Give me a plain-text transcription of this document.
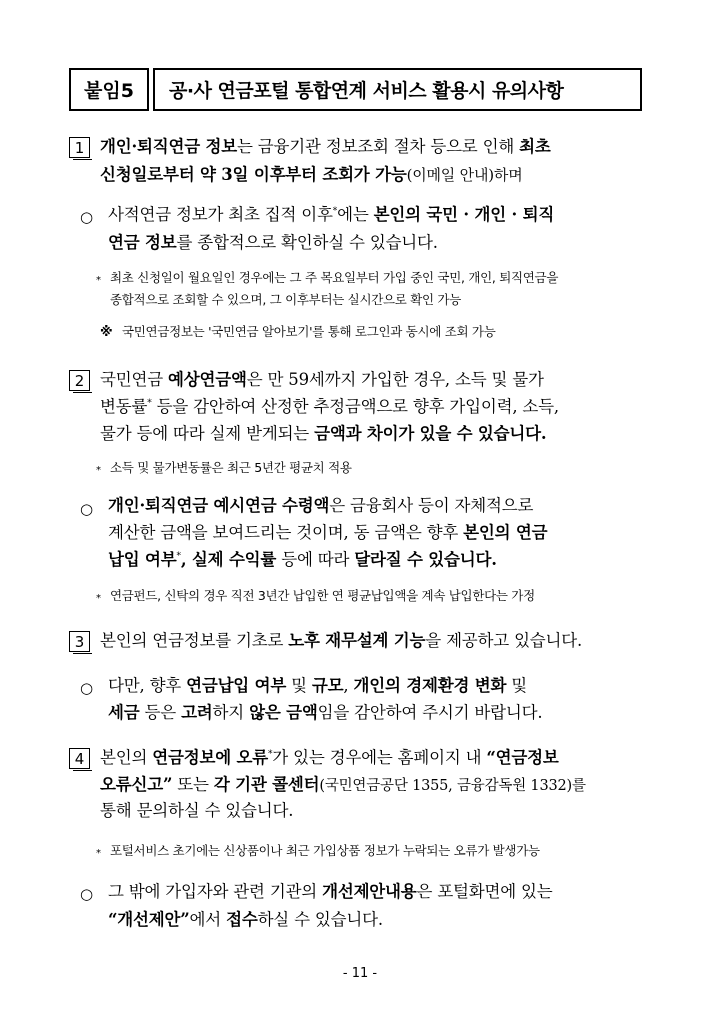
붙임5	공·사 연금포털 통합연계 서비스 활용시 유의사항
1 개인·퇴직연금 정보는 금융기관 정보조회 절차 등으로 인해 최초
신청일로부터 약 3일 이후부터 조회가 가능(이메일 안내)하며
○ 사적연금 정보가 최초 집적 이후*에는 본인의 국민 · 개인 · 퇴직
연금 정보를 종합적으로 확인하실 수 있습니다.
* 최초 신청일이 월요일인 경우에는 그 주 목요일부터 가입 중인 국민, 개인, 퇴직연금을
종합적으로 조회할 수 있으며, 그 이후부터는 실시간으로 확인 가능
※ 국민연금정보는 '국민연금 알아보기'를 통해 로그인과 동시에 조회 가능
2 국민연금 예상연금액은 만 59세까지 가입한 경우, 소득 및 물가
변동률* 등을 감안하여 산정한 추정금액으로 향후 가입이력, 소득,
물가 등에 따라 실제 받게되는 금액과 차이가 있을 수 있습니다.
* 소득 및 물가변동률은 최근 5년간 평균치 적용
○ 개인·퇴직연금 예시연금 수령액은 금융회사 등이 자체적으로
계산한 금액을 보여드리는 것이며, 동 금액은 향후 본인의 연금
납입 여부*, 실제 수익률 등에 따라 달라질 수 있습니다.
* 연금펀드, 신탁의 경우 직전 3년간 납입한 연 평균납입액을 계속 납입한다는 가정
3 본인의 연금정보를 기초로 노후 재무설계 기능을 제공하고 있습니다.
○ 다만, 향후 연금납입 여부 및 규모, 개인의 경제환경 변화 및
세금 등은 고려하지 않은 금액임을 감안하여 주시기 바랍니다.
4 본인의 연금정보에 오류*가 있는 경우에는 홈페이지 내 “연금정보
오류신고” 또는 각 기관 콜센터(국민연금공단 1355, 금융감독원 1332)를
통해 문의하실 수 있습니다.
* 포털서비스 초기에는 신상품이나 최근 가입상품 정보가 누락되는 오류가 발생가능
○ 그 밖에 가입자와 관련 기관의 개선제안내용은 포털화면에 있는
“개선제안”에서 접수하실 수 있습니다.
- 11 -
